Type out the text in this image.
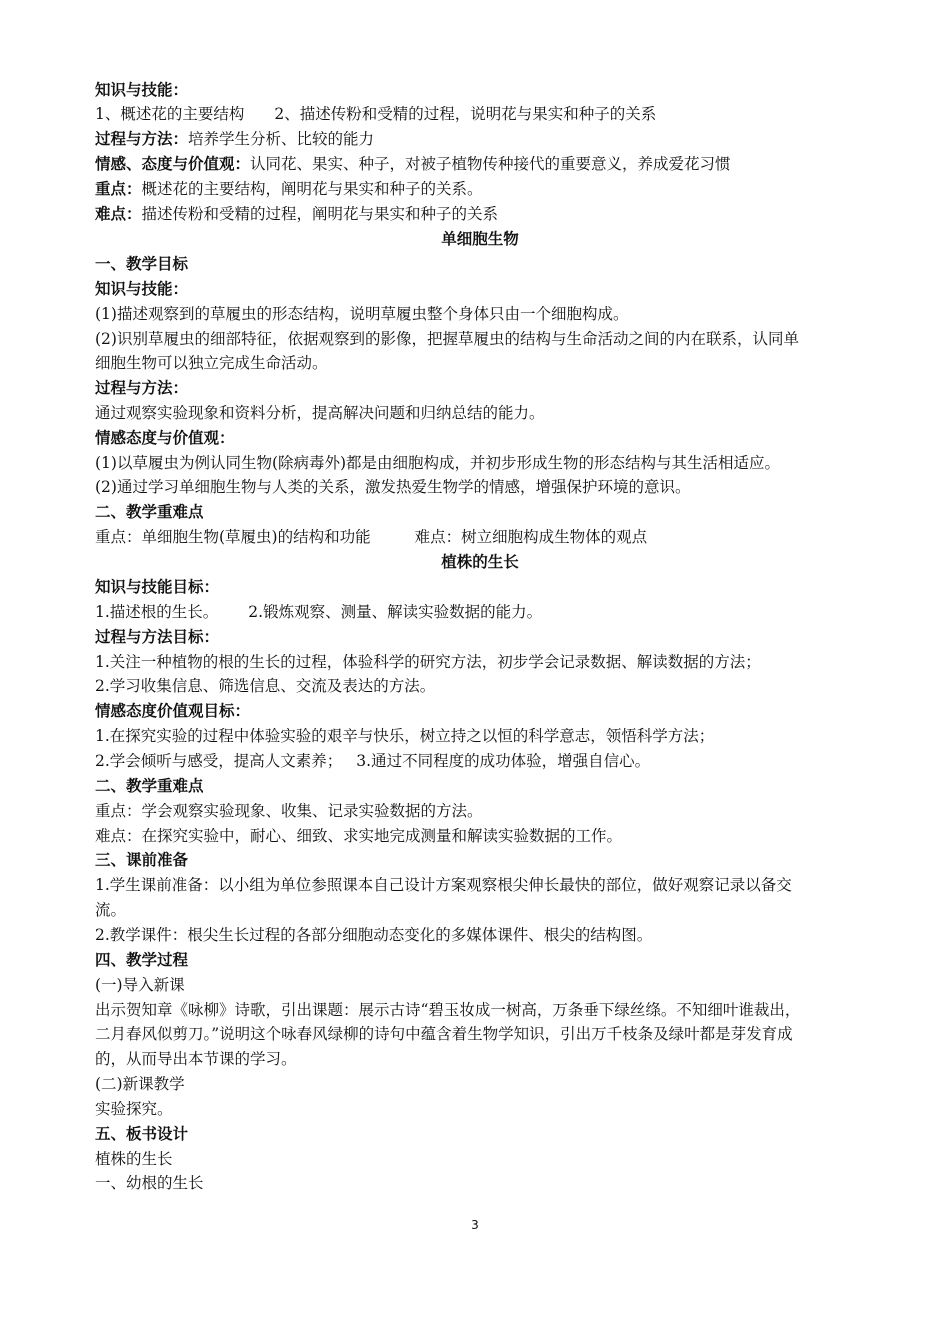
知识与技能：
1、概述花的主要结构 2、描述传粉和受精的过程，说明花与果实和种子的关系
过程与方法：培养学生分析、比较的能力
情感、态度与价值观：认同花、果实、种子，对被子植物传种接代的重要意义，养成爱花习惯
重点：概述花的主要结构，阐明花与果实和种子的关系。
难点：描述传粉和受精的过程，阐明花与果实和种子的关系
单细胞生物
一、教学目标
知识与技能：
(1)描述观察到的草履虫的形态结构，说明草履虫整个身体只由一个细胞构成。
(2)识别草履虫的细部特征，依据观察到的影像，把握草履虫的结构与生命活动之间的内在联系，认同单
细胞生物可以独立完成生命活动。
过程与方法：
通过观察实验现象和资料分析，提高解决问题和归纳总结的能力。
情感态度与价值观：
(1)以草履虫为例认同生物(除病毒外)都是由细胞构成，并初步形成生物的形态结构与其生活相适应。
(2)通过学习单细胞生物与人类的关系，激发热爱生物学的情感，增强保护环境的意识。
二、教学重难点
重点：单细胞生物(草履虫)的结构和功能	难点：树立细胞构成生物体的观点
植株的生长
知识与技能目标：
1.描述根的生长。 2.锻炼观察、测量、解读实验数据的能力。
过程与方法目标：
1.关注一种植物的根的生长的过程，体验科学的研究方法，初步学会记录数据、解读数据的方法；
2.学习收集信息、筛选信息、交流及表达的方法。
情感态度价值观目标：
1.在探究实验的过程中体验实验的艰辛与快乐，树立持之以恒的科学意志，领悟科学方法；
2.学会倾听与感受，提高人文素养； 3.通过不同程度的成功体验，增强自信心。
二、教学重难点
重点：学会观察实验现象、收集、记录实验数据的方法。
难点：在探究实验中，耐心、细致、求实地完成测量和解读实验数据的工作。
三、课前准备
1.学生课前准备：以小组为单位参照课本自己设计方案观察根尖伸长最快的部位，做好观察记录以备交
流。
2.教学课件：根尖生长过程的各部分细胞动态变化的多媒体课件、根尖的结构图。
四、教学过程
(一)导入新课
出示贺知章《咏柳》诗歌，引出课题：展示古诗“碧玉妆成一树高，万条垂下绿丝绦。不知细叶谁裁出，
二月春风似剪刀。”说明这个咏春风绿柳的诗句中蕴含着生物学知识，引出万千枝条及绿叶都是芽发育成
的，从而导出本节课的学习。
(二)新课教学
实验探究。
五、板书设计
植株的生长
一、幼根的生长
3
